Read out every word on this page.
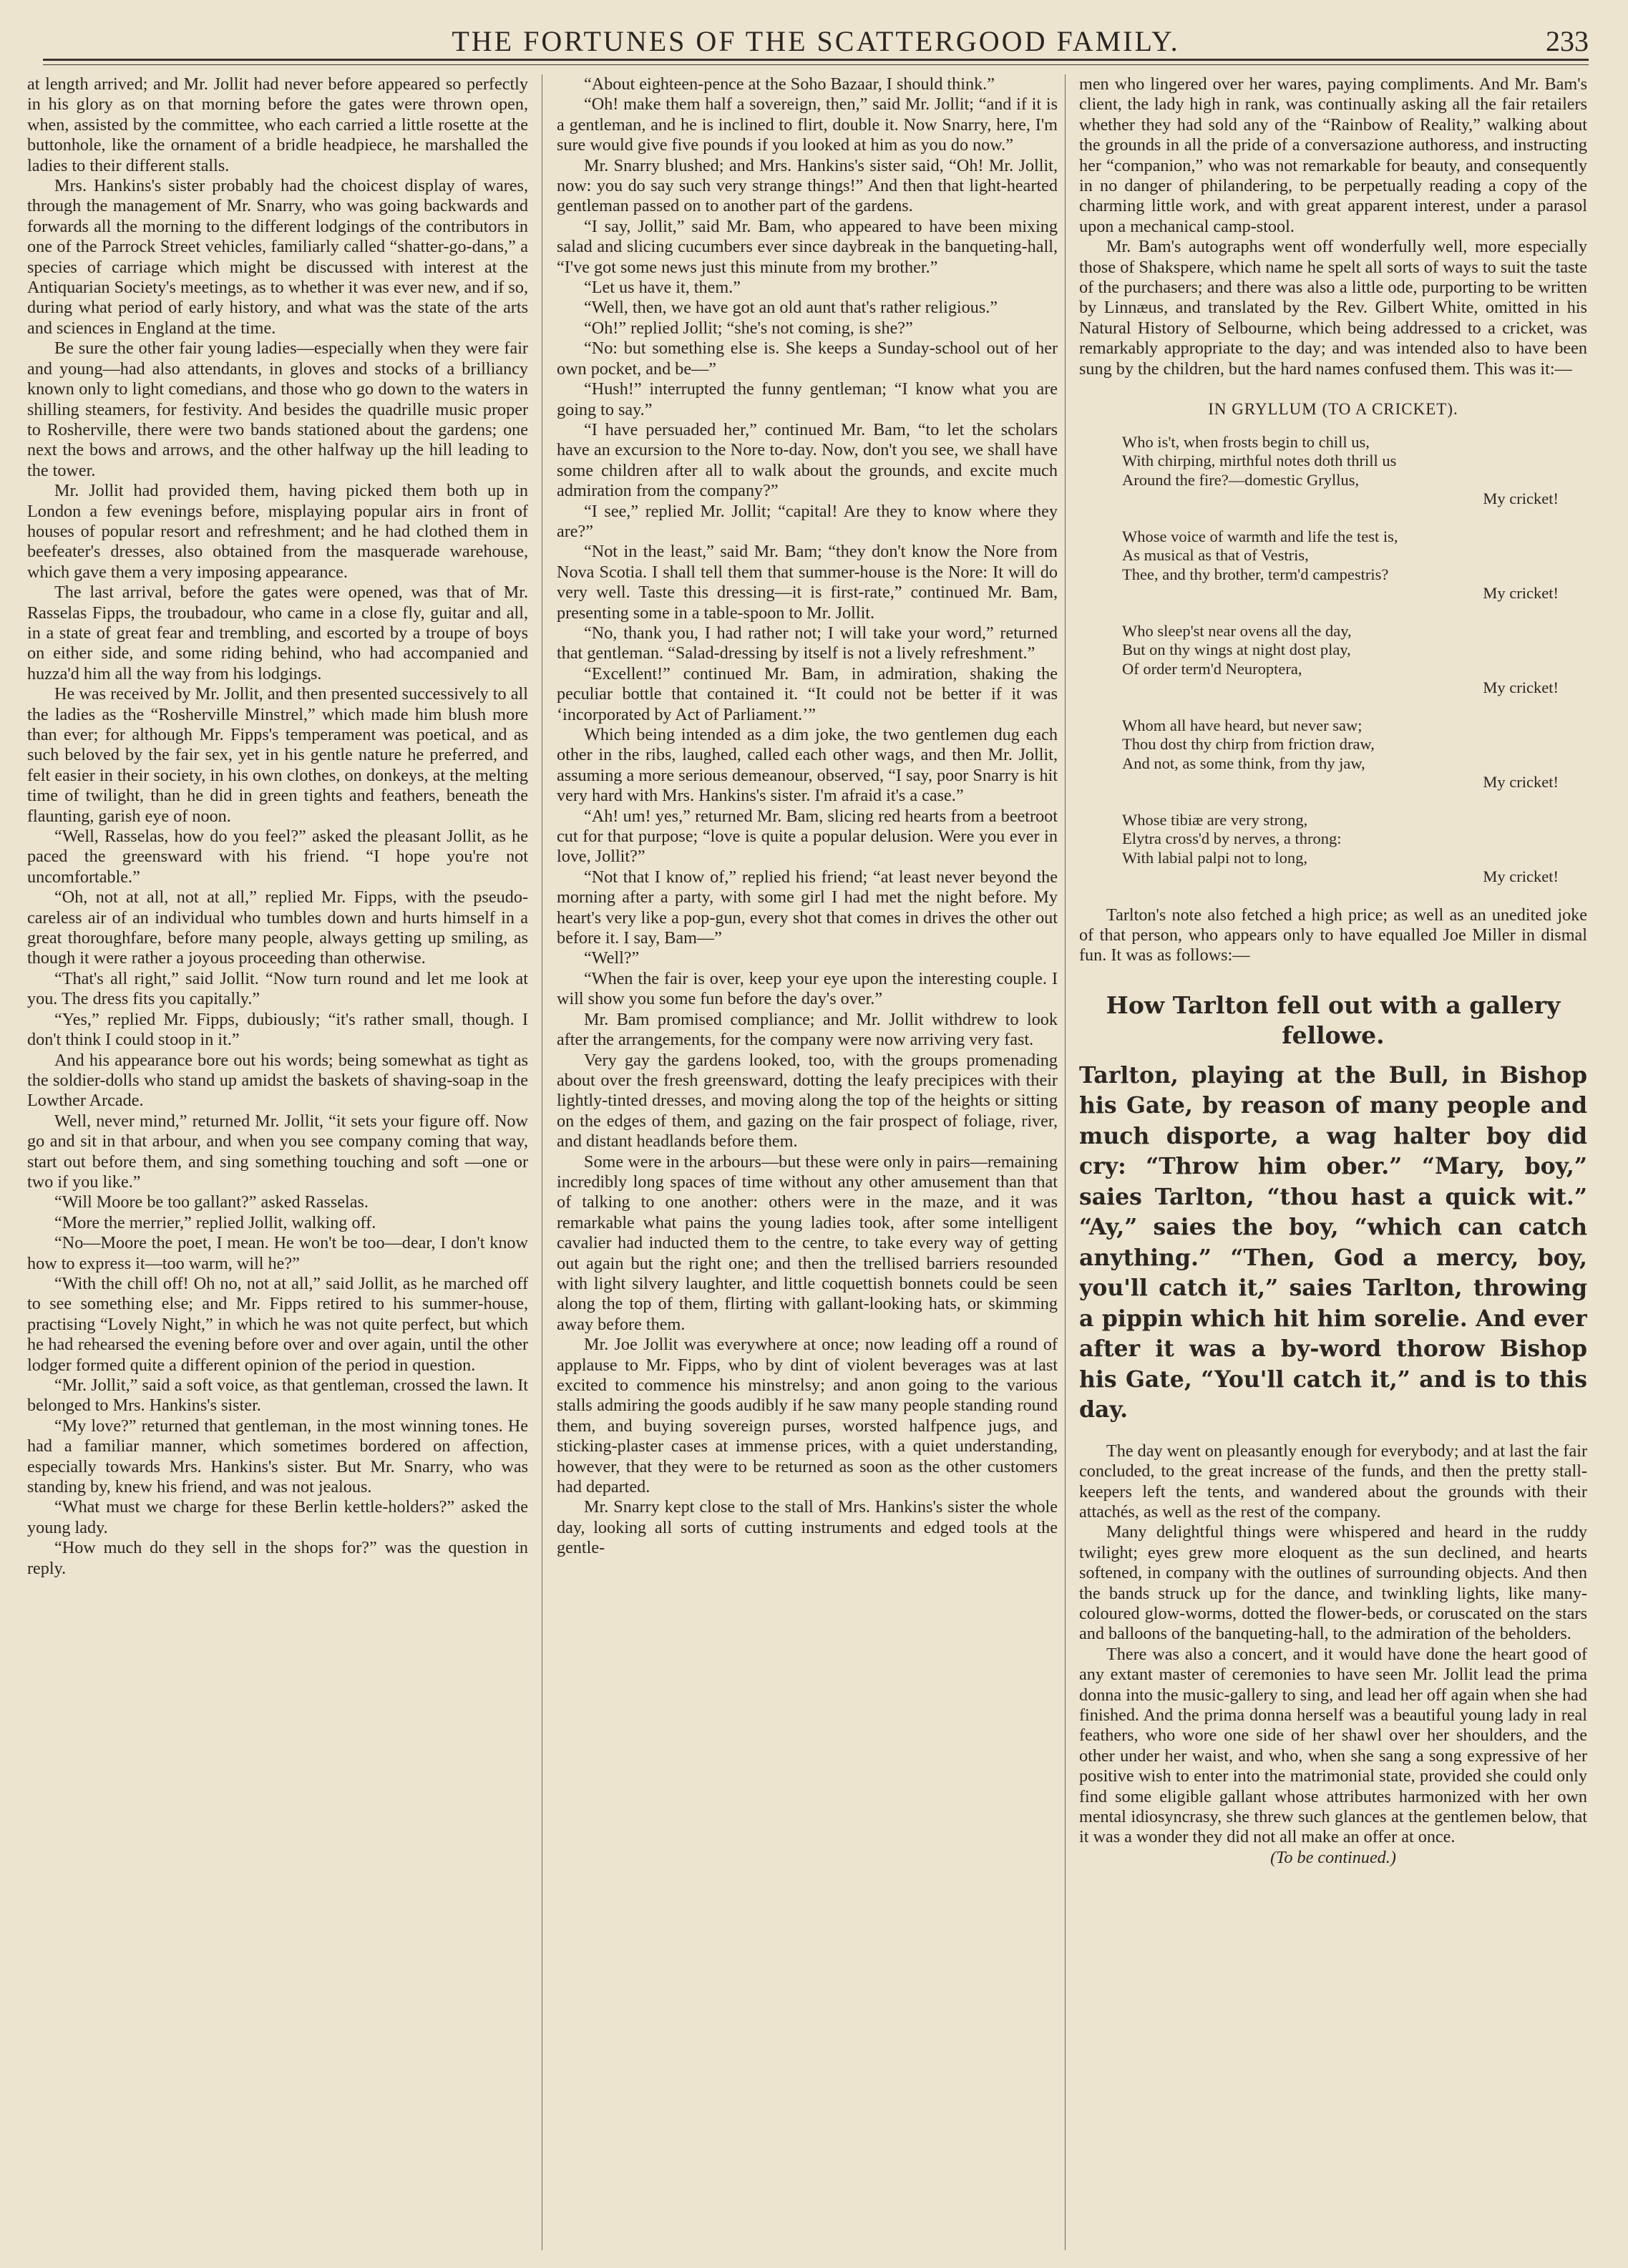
THE FORTUNES OF THE SCATTERGOOD FAMILY.	233

at length arrived; and Mr. Jollit had never before appeared so perfectly in his glory as on that morning before the gates were thrown open, when, assisted by the committee, who each carried a little rosette at the buttonhole, like the ornament of a bridle headpiece, he marshalled the ladies to their different stalls.

Mrs. Hankins's sister probably had the choicest display of wares, through the management of Mr. Snarry, who was going backwards and forwards all the morning to the different lodgings of the contributors in one of the Parrock Street vehicles, familiarly called “shatter-go-dans,” a species of carriage which might be discussed with interest at the Antiquarian Society's meetings, as to whether it was ever new, and if so, during what period of early history, and what was the state of the arts and sciences in England at the time.

Be sure the other fair young ladies—especially when they were fair and young—had also attendants, in gloves and stocks of a brilliancy known only to light comedians, and those who go down to the waters in shilling steamers, for festivity. And besides the quadrille music proper to Rosherville, there were two bands stationed about the gardens; one next the bows and arrows, and the other halfway up the hill leading to the tower.

Mr. Jollit had provided them, having picked them both up in London a few evenings before, misplaying popular airs in front of houses of popular resort and refreshment; and he had clothed them in beefeater's dresses, also obtained from the masquerade warehouse, which gave them a very imposing appearance.

The last arrival, before the gates were opened, was that of Mr. Rasselas Fipps, the troubadour, who came in a close fly, guitar and all, in a state of great fear and trembling, and escorted by a troupe of boys on either side, and some riding behind, who had accompanied and huzza'd him all the way from his lodgings.

He was received by Mr. Jollit, and then presented successively to all the ladies as the “Rosherville Minstrel,” which made him blush more than ever; for although Mr. Fipps's temperament was poetical, and as such beloved by the fair sex, yet in his gentle nature he preferred, and felt easier in their society, in his own clothes, on donkeys, at the melting time of twilight, than he did in green tights and feathers, beneath the flaunting, garish eye of noon.

“Well, Rasselas, how do you feel?” asked the pleasant Jollit, as he paced the greensward with his friend. “I hope you're not uncomfortable.”

“Oh, not at all, not at all,” replied Mr. Fipps, with the pseudo-careless air of an individual who tumbles down and hurts himself in a great thoroughfare, before many people, always getting up smiling, as though it were rather a joyous proceeding than otherwise.

“That's all right,” said Jollit. “Now turn round and let me look at you. The dress fits you capitally.”

“Yes,” replied Mr. Fipps, dubiously; “it's rather small, though. I don't think I could stoop in it.”

And his appearance bore out his words; being somewhat as tight as the soldier-dolls who stand up amidst the baskets of shaving-soap in the Lowther Arcade.

Well, never mind,” returned Mr. Jollit, “it sets your figure off. Now go and sit in that arbour, and when you see company coming that way, start out before them, and sing something touching and soft —one or two if you like.”

“Will Moore be too gallant?” asked Rasselas.

“More the merrier,” replied Jollit, walking off.

“No—Moore the poet, I mean. He won't be too—dear, I don't know how to express it—too warm, will he?”

“With the chill off! Oh no, not at all,” said Jollit, as he marched off to see something else; and Mr. Fipps retired to his summer-house, practising “Lovely Night,” in which he was not quite perfect, but which he had rehearsed the evening before over and over again, until the other lodger formed quite a different opinion of the period in question.

“Mr. Jollit,” said a soft voice, as that gentleman, crossed the lawn. It belonged to Mrs. Hankins's sister.

“My love?” returned that gentleman, in the most winning tones. He had a familiar manner, which sometimes bordered on affection, especially towards Mrs. Hankins's sister. But Mr. Snarry, who was standing by, knew his friend, and was not jealous.

“What must we charge for these Berlin kettle-holders?” asked the young lady.

“How much do they sell in the shops for?” was the question in reply.

“About eighteen-pence at the Soho Bazaar, I should think.”

“Oh! make them half a sovereign, then,” said Mr. Jollit; “and if it is a gentleman, and he is inclined to flirt, double it. Now Snarry, here, I'm sure would give five pounds if you looked at him as you do now.”

Mr. Snarry blushed; and Mrs. Hankins's sister said, “Oh! Mr. Jollit, now: you do say such very strange things!” And then that light-hearted gentleman passed on to another part of the gardens.

“I say, Jollit,” said Mr. Bam, who appeared to have been mixing salad and slicing cucumbers ever since daybreak in the banqueting-hall, “I've got some news just this minute from my brother.”

“Let us have it, them.”

“Well, then, we have got an old aunt that's rather religious.”

“Oh!” replied Jollit; “she's not coming, is she?”

“No: but something else is. She keeps a Sunday-school out of her own pocket, and be—”

“Hush!” interrupted the funny gentleman; “I know what you are going to say.”

“I have persuaded her,” continued Mr. Bam, “to let the scholars have an excursion to the Nore to-day. Now, don't you see, we shall have some children after all to walk about the grounds, and excite much admiration from the company?”

“I see,” replied Mr. Jollit; “capital! Are they to know where they are?”

“Not in the least,” said Mr. Bam; “they don't know the Nore from Nova Scotia. I shall tell them that summer-house is the Nore: It will do very well. Taste this dressing—it is first-rate,” continued Mr. Bam, presenting some in a table-spoon to Mr. Jollit.

“No, thank you, I had rather not; I will take your word,” returned that gentleman. “Salad-dressing by itself is not a lively refreshment.”

“Excellent!” continued Mr. Bam, in admiration, shaking the peculiar bottle that contained it. “It could not be better if it was ‘incorporated by Act of Parliament.’”

Which being intended as a dim joke, the two gentlemen dug each other in the ribs, laughed, called each other wags, and then Mr. Jollit, assuming a more serious demeanour, observed, “I say, poor Snarry is hit very hard with Mrs. Hankins's sister. I'm afraid it's a case.”

“Ah! um! yes,” returned Mr. Bam, slicing red hearts from a beetroot cut for that purpose; “love is quite a popular delusion. Were you ever in love, Jollit?”

“Not that I know of,” replied his friend; “at least never beyond the morning after a party, with some girl I had met the night before. My heart's very like a pop-gun, every shot that comes in drives the other out before it. I say, Bam—”

“Well?”

“When the fair is over, keep your eye upon the interesting couple. I will show you some fun before the day's over.”

Mr. Bam promised compliance; and Mr. Jollit withdrew to look after the arrangements, for the company were now arriving very fast.

Very gay the gardens looked, too, with the groups promenading about over the fresh greensward, dotting the leafy precipices with their lightly-tinted dresses, and moving along the top of the heights or sitting on the edges of them, and gazing on the fair prospect of foliage, river, and distant headlands before them.

Some were in the arbours—but these were only in pairs—remaining incredibly long spaces of time without any other amusement than that of talking to one another: others were in the maze, and it was remarkable what pains the young ladies took, after some intelligent cavalier had inducted them to the centre, to take every way of getting out again but the right one; and then the trellised barriers resounded with light silvery laughter, and little coquettish bonnets could be seen along the top of them, flirting with gallant-looking hats, or skimming away before them.

Mr. Joe Jollit was everywhere at once; now leading off a round of applause to Mr. Fipps, who by dint of violent beverages was at last excited to commence his minstrelsy; and anon going to the various stalls admiring the goods audibly if he saw many people standing round them, and buying sovereign purses, worsted halfpence jugs, and sticking-plaster cases at immense prices, with a quiet understanding, however, that they were to be returned as soon as the other customers had departed.

Mr. Snarry kept close to the stall of Mrs. Hankins's sister the whole day, looking all sorts of cutting instruments and edged tools at the gentle-

men who lingered over her wares, paying compliments. And Mr. Bam's client, the lady high in rank, was continually asking all the fair retailers whether they had sold any of the “Rainbow of Reality,” walking about the grounds in all the pride of a conversazione authoress, and instructing her “companion,” who was not remarkable for beauty, and consequently in no danger of philandering, to be perpetually reading a copy of the charming little work, and with great apparent interest, under a parasol upon a mechanical camp-stool.

Mr. Bam's autographs went off wonderfully well, more especially those of Shakspere, which name he spelt all sorts of ways to suit the taste of the purchasers; and there was also a little ode, purporting to be written by Linnæus, and translated by the Rev. Gilbert White, omitted in his Natural History of Selbourne, which being addressed to a cricket, was remarkably appropriate to the day; and was intended also to have been sung by the children, but the hard names confused them. This was it:—

IN GRYLLUM (TO A CRICKET).
Who is't, when frosts begin to chill us,
With chirping, mirthful notes doth thrill us
Around the fire?—domestic Gryllus,
My cricket!
Whose voice of warmth and life the test is,
As musical as that of Vestris,
Thee, and thy brother, term'd campestris?
My cricket!
Who sleep'st near ovens all the day,
But on thy wings at night dost play,
Of order term'd Neuroptera,
My cricket!
Whom all have heard, but never saw;
Thou dost thy chirp from friction draw,
And not, as some think, from thy jaw,
My cricket!
Whose tibiæ are very strong,
Elytra cross'd by nerves, a throng:
With labial palpi not to long,
My cricket!

Tarlton's note also fetched a high price; as well as an unedited joke of that person, who appears only to have equalled Joe Miller in dismal fun. It was as follows:—

How Tarlton fell out with a gallery fellowe.
Tarlton, playing at the Bull, in Bishop his Gate, by reason of many people and much disporte, a wag halter boy did cry: “Throw him ober.” “Mary, boy,” saies Tarlton, “thou hast a quick wit.” “Ay,” saies the boy, “which can catch anything.” “Then, God a mercy, boy, you'll catch it,” saies Tarlton, throwing a pippin which hit him sorelie. And ever after it was a by-word thorow Bishop his Gate, “You'll catch it,” and is to this day.

The day went on pleasantly enough for everybody; and at last the fair concluded, to the great increase of the funds, and then the pretty stall-keepers left the tents, and wandered about the grounds with their attachés, as well as the rest of the company.

Many delightful things were whispered and heard in the ruddy twilight; eyes grew more eloquent as the sun declined, and hearts softened, in company with the outlines of surrounding objects. And then the bands struck up for the dance, and twinkling lights, like many-coloured glow-worms, dotted the flower-beds, or coruscated on the stars and balloons of the banqueting-hall, to the admiration of the beholders.

There was also a concert, and it would have done the heart good of any extant master of ceremonies to have seen Mr. Jollit lead the prima donna into the music-gallery to sing, and lead her off again when she had finished. And the prima donna herself was a beautiful young lady in real feathers, who wore one side of her shawl over her shoulders, and the other under her waist, and who, when she sang a song expressive of her positive wish to enter into the matrimonial state, provided she could only find some eligible gallant whose attributes harmonized with her own mental idiosyncrasy, she threw such glances at the gentlemen below, that it was a wonder they did not all make an offer at once.

(To be continued.)
